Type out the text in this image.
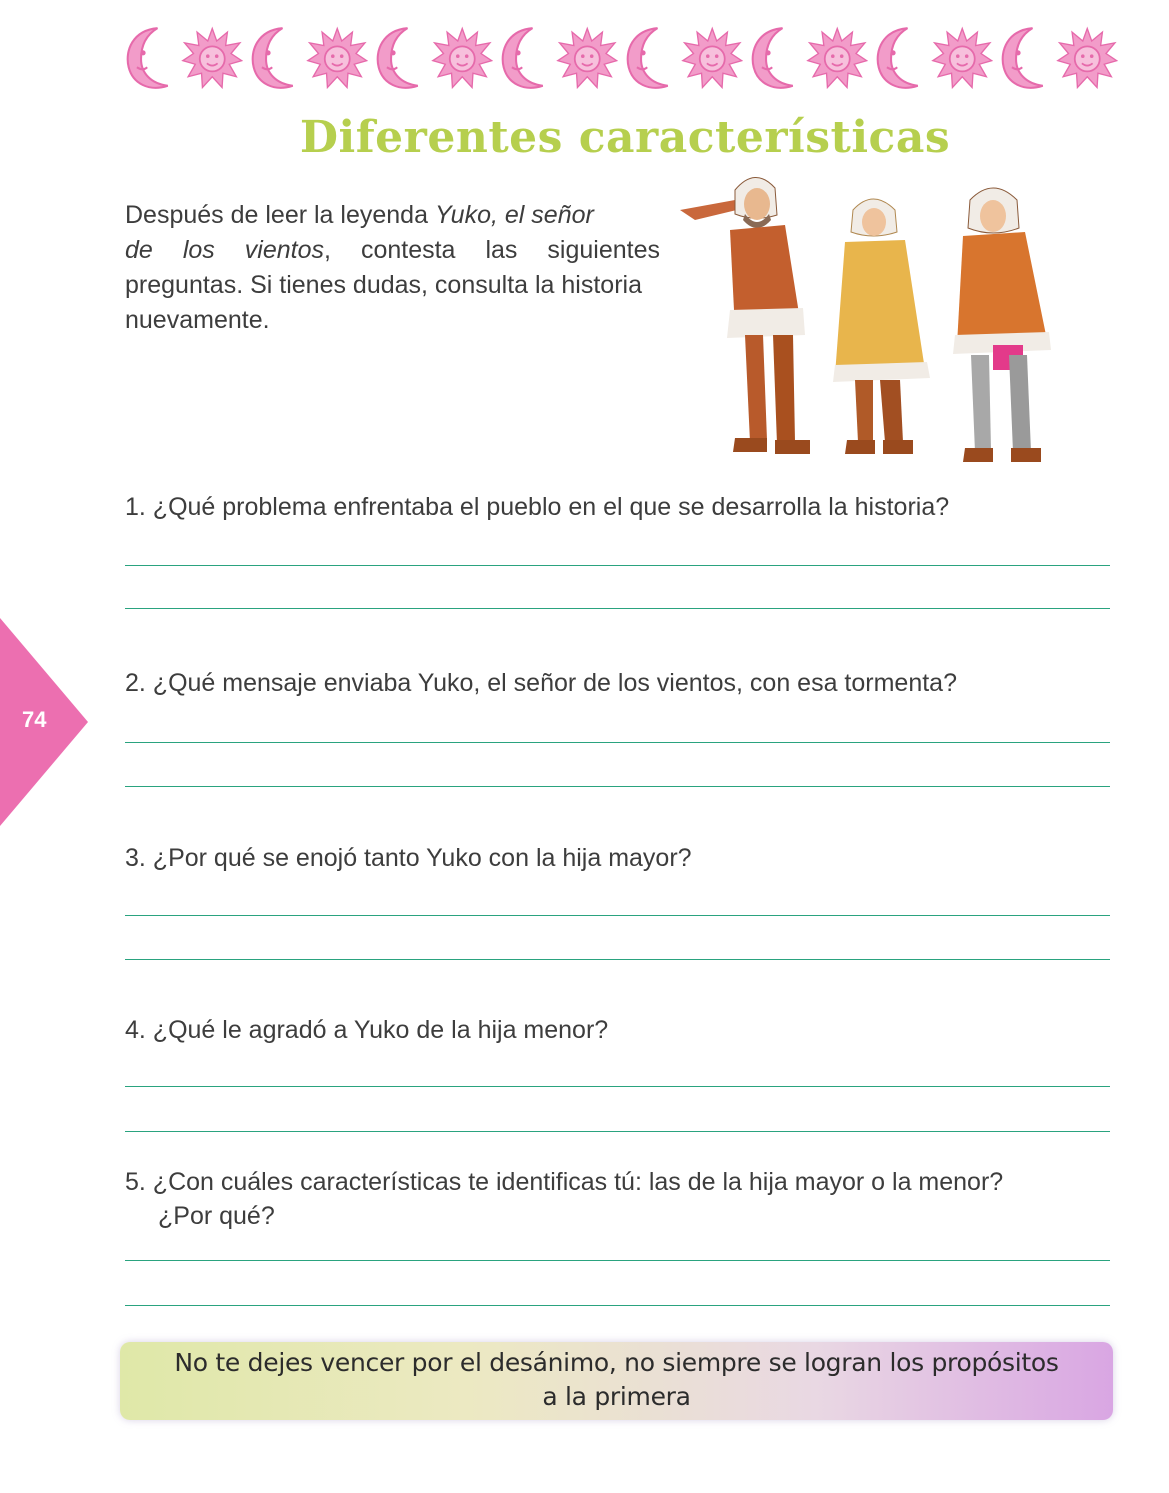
Diferentes características
Después de leer la leyenda Yuko, el señor
de los vientos, contesta las siguientes
preguntas. Si tienes dudas, consulta la historia
nuevamente.
1. ¿Qué problema enfrentaba el pueblo en el que se desarrolla la historia?
2. ¿Qué mensaje enviaba Yuko, el señor de los vientos, con esa tormenta?
3. ¿Por qué se enojó tanto Yuko con la hija mayor?
4. ¿Qué le agradó a Yuko de la hija menor?
5. ¿Con cuáles características te identificas tú: las de la hija mayor o la menor?
¿Por qué?
74
No te dejes vencer por el desánimo, no siempre se logran los propósitos
a la primera
